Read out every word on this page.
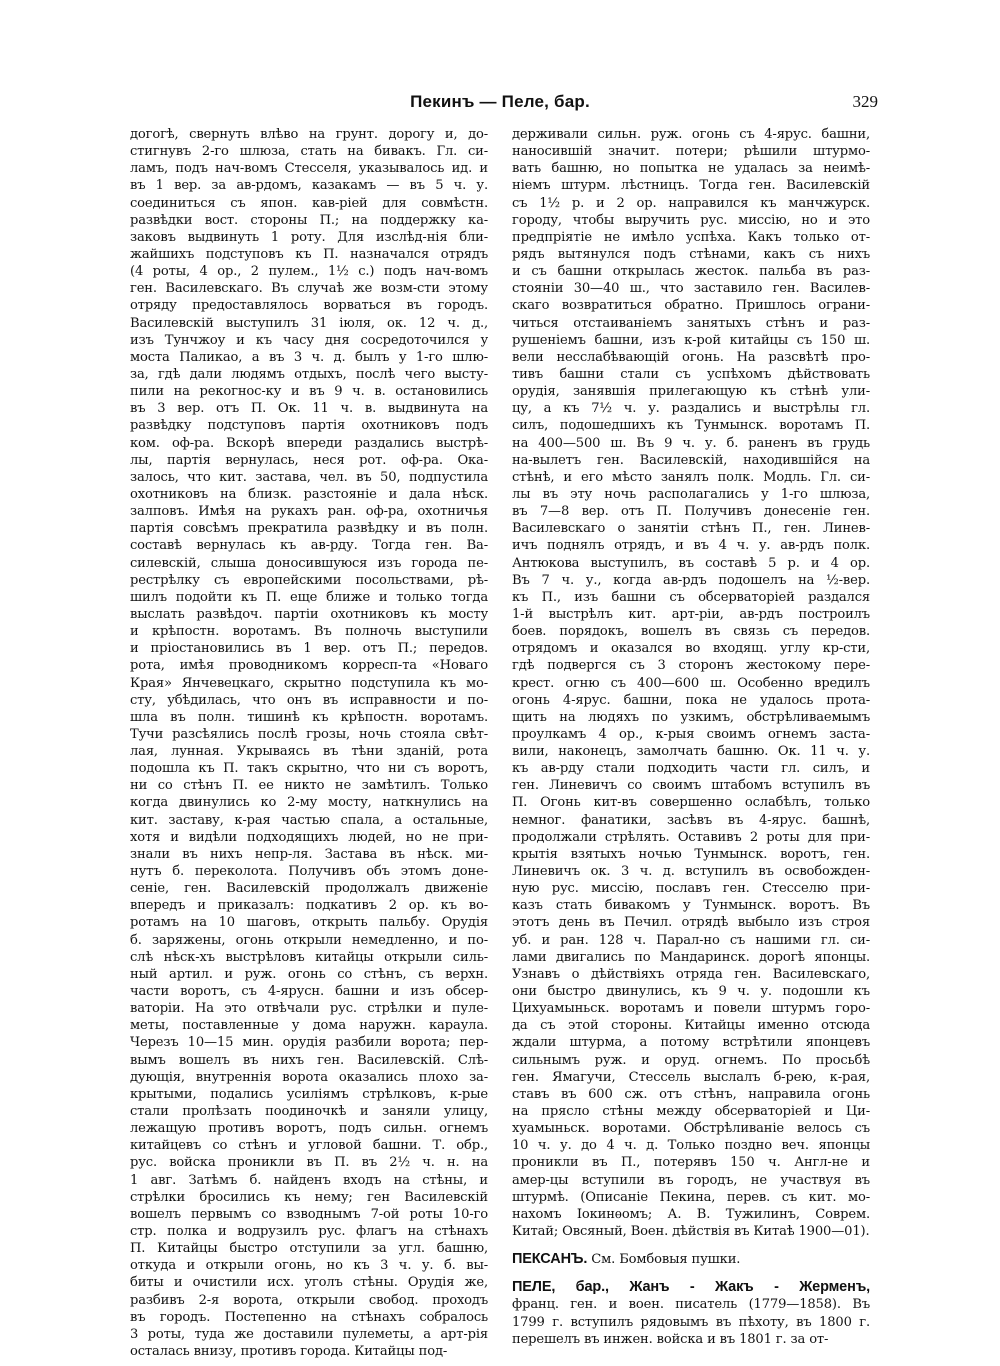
Пекинъ — Пеле, бар.	329
догогѣ, свернуть влѣво на грунт. дорогу и, до-
стигнувъ 2-го шлюза, стать на бивакъ. Гл. си-
ламъ, подъ нач-вомъ Стесселя, указывалось ид. и
въ 1 вер. за ав-рдомъ, казакамъ — въ 5 ч. у.
соединиться съ япон. кав-ріей для совмѣстн.
развѣдки вост. стороны П.; на поддержку ка-
заковъ выдвинуть 1 роту. Для изслѣд-нія бли-
жайшихъ подступовъ къ П. назначался отрядъ
(4 роты, 4 ор., 2 пулем., 1½ с.) подъ нач-вомъ
ген. Василевскаго. Въ случаѣ же возм-сти этому
отряду предоставлялось ворваться въ городъ.
Василевскій выступилъ 31 іюля, ок. 12 ч. д.,
изъ Тунчжоу и къ часу дня сосредоточился у
моста Паликао, а въ 3 ч. д. былъ у 1-го шлю-
за, гдѣ дали людямъ отдыхъ, послѣ чего высту-
пили на рекогнос-ку и въ 9 ч. в. остановились
въ 3 вер. отъ П. Ок. 11 ч. в. выдвинута на
развѣдку подступовъ партія охотниковъ подъ
ком. оф-ра. Вскорѣ впереди раздались выстрѣ-
лы, партія вернулась, неся рот. оф-ра. Ока-
залось, что кит. застава, чел. въ 50, подпустила
охотниковъ на близк. разстояніе и дала нѣск.
залповъ. Имѣя на рукахъ ран. оф-ра, охотничья
партія совсѣмъ прекратила развѣдку и въ полн.
составѣ вернулась къ ав-рду. Тогда ген. Ва-
силевскій, слыша доносившуюся изъ города пе-
рестрѣлку съ европейскими посольствами, рѣ-
шилъ подойти къ П. еще ближе и только тогда
выслать развѣдоч. партіи охотниковъ къ мосту
и крѣпостн. воротамъ. Въ полночь выступили
и пріостановились въ 1 вер. отъ П.; передов.
рота, имѣя проводникомъ корресп-та «Новаго
Края» Янчевецкаго, скрытно подступила къ мо-
сту, убѣдилась, что онъ въ исправности и по-
шла въ полн. тишинѣ къ крѣпостн. воротамъ.
Тучи разсѣялись послѣ грозы, ночь стояла свѣт-
лая, лунная. Укрываясь въ тѣни зданій, рота
подошла къ П. такъ скрытно, что ни съ воротъ,
ни со стѣнъ П. ее никто не замѣтилъ. Только
когда двинулись ко 2-му мосту, наткнулись на
кит. заставу, к-рая частью спала, а остальные,
хотя и видѣли подходящихъ людей, но не при-
знали въ нихъ непр-ля. Застава въ нѣск. ми-
нутъ б. переколота. Получивъ объ этомъ доне-
сеніе, ген. Василевскій продолжалъ движеніе
впередъ и приказалъ: подкативъ 2 ор. къ во-
ротамъ на 10 шаговъ, открыть пальбу. Орудія
б. заряжены, огонь открыли немедленно, и по-
слѣ нѣск-хъ выстрѣловъ китайцы открыли силь-
ный артил. и руж. огонь со стѣнъ, съ верхн.
части воротъ, съ 4-ярусн. башни и изъ обсер-
ваторіи. На это отвѣчали рус. стрѣлки и пуле-
меты, поставленные у дома наружн. караула.
Черезъ 10—15 мин. орудія разбили ворота; пер-
вымъ вошелъ въ нихъ ген. Василевскій. Слѣ-
дующія, внутреннія ворота оказались плохо за-
крытыми, подались усиліямъ стрѣлковъ, к-рые
стали пролѣзать поодиночкѣ и заняли улицу,
лежащую противъ воротъ, подъ сильн. огнемъ
китайцевъ со стѣнъ и угловой башни. Т. обр.,
рус. войска проникли въ П. въ 2½ ч. н. на
1 авг. Затѣмъ б. найденъ входъ на стѣны, и
стрѣлки бросились къ нему; ген Василевскій
вошелъ первымъ со взводнымъ 7-ой роты 10-го
стр. полка и водрузилъ рус. флагъ на стѣнахъ
П. Китайцы быстро отступили за угл. башню,
откуда и открыли огонь, но къ 3 ч. у. б. вы-
биты и очистили исх. уголъ стѣны. Орудія же,
разбивъ 2-я ворота, открыли свобод. проходъ
въ городъ. Постепенно на стѣнахъ собралось
3 роты, туда же доставили пулеметы, а арт-рія
осталась внизу, противъ города. Китайцы под-
держивали сильн. руж. огонь съ 4-ярус. башни,
наносившій значит. потери; рѣшили штурмо-
вать башню, но попытка не удалась за неимѣ-
ніемъ штурм. лѣстницъ. Тогда ген. Василевскій
съ 1½ р. и 2 ор. направился къ манчжурск.
городу, чтобы выручить рус. миссію, но и это
предпріятіе не имѣло успѣха. Какъ только от-
рядъ вытянулся подъ стѣнами, какъ съ нихъ
и съ башни открылась жесток. пальба въ раз-
стояніи 30—40 ш., что заставило ген. Василев-
скаго возвратиться обратно. Пришлось ограни-
читься отстаиваніемъ занятыхъ стѣнъ и раз-
рушеніемъ башни, изъ к-рой китайцы съ 150 ш.
вели несслабѣвающій огонь. На разсвѣтѣ про-
тивъ башни стали съ успѣхомъ дѣйствовать
орудія, занявшія прилегающую къ стѣнѣ ули-
цу, а къ 7½ ч. у. раздались и выстрѣлы гл.
силъ, подошедшихъ къ Тунмынск. воротамъ П.
на 400—500 ш. Въ 9 ч. у. б. раненъ въ грудь
на-вылетъ ген. Василевскій, находившійся на
стѣнѣ, и его мѣсто занялъ полк. Модль. Гл. си-
лы въ эту ночь располагались у 1-го шлюза,
въ 7—8 вер. отъ П. Получивъ донесеніе ген.
Василевскаго о занятіи стѣнъ П., ген. Линев-
ичъ поднялъ отрядъ, и въ 4 ч. у. ав-рдъ полк.
Антюкова выступилъ, въ составѣ 5 р. и 4 ор.
Въ 7 ч. у., когда ав-рдъ подошелъ на ½-вер.
къ П., изъ башни съ обсерваторіей раздался
1-й выстрѣлъ кит. арт-ріи, ав-рдъ построилъ
боев. порядокъ, вошелъ въ связь съ передов.
отрядомъ и оказался во входящ. углу кр-сти,
гдѣ подвергся съ 3 сторонъ жестокому пере-
крест. огню съ 400—600 ш. Особенно вредилъ
огонь 4-ярус. башни, пока не удалось прота-
щить на людяхъ по узкимъ, обстрѣливаемымъ
проулкамъ 4 ор., к-рыя своимъ огнемъ заста-
вили, наконецъ, замолчать башню. Ок. 11 ч. у.
къ ав-рду стали подходить части гл. силъ, и
ген. Линевичъ со своимъ штабомъ вступилъ въ
П. Огонь кит-въ совершенно ослабѣлъ, только
немног. фанатики, засѣвъ въ 4-ярус. башнѣ,
продолжали стрѣлять. Оставивъ 2 роты для при-
крытія взятыхъ ночью Тунмынск. воротъ, ген.
Линевичъ ок. 3 ч. д. вступилъ въ освобожден-
ную рус. миссію, пославъ ген. Стесселю при-
казъ стать бивакомъ у Тунмынск. воротъ. Въ
этотъ день въ Печил. отрядѣ выбыло изъ строя
уб. и ран. 128 ч. Парал-но съ нашими гл. си-
лами двигались по Мандаринск. дорогѣ японцы.
Узнавъ о дѣйствіяхъ отряда ген. Василевскаго,
они быстро двинулись, къ 9 ч. у. подошли къ
Цихуамыньск. воротамъ и повели штурмъ горо-
да съ этой стороны. Китайцы именно отсюда
ждали штурма, а потому встрѣтили японцевъ
сильнымъ руж. и оруд. огнемъ. По просьбѣ
ген. Ямагучи, Стессель выслалъ б-рею, к-рая,
ставъ въ 600 сж. отъ стѣнъ, направила огонь
на прясло стѣны между обсерваторіей и Ци-
хуамыньск. воротами. Обстрѣливаніе велось съ
10 ч. у. до 4 ч. д. Только поздно веч. японцы
проникли въ П., потерявъ 150 ч. Англ-не и
амер-цы вступили въ городъ, не участвуя въ
штурмѣ. (Описаніе Пекина, перев. съ кит. мо-
нахомъ Іокинѳомъ; А. В. Тужилинъ, Соврем.
Китай; Овсяный, Воен. дѣйствія въ Китаѣ 1900—01).
ПЕКСАНЪ. См. Бомбовыя пушки.
ПЕЛЕ, бар., Жанъ - Жакъ - Жерменъ,
франц. ген. и воен. писатель (1779—1858). Въ
1799 г. вступилъ рядовымъ въ пѣхоту, въ 1800 г.
перешелъ въ инжен. войска и въ 1801 г. за от-
